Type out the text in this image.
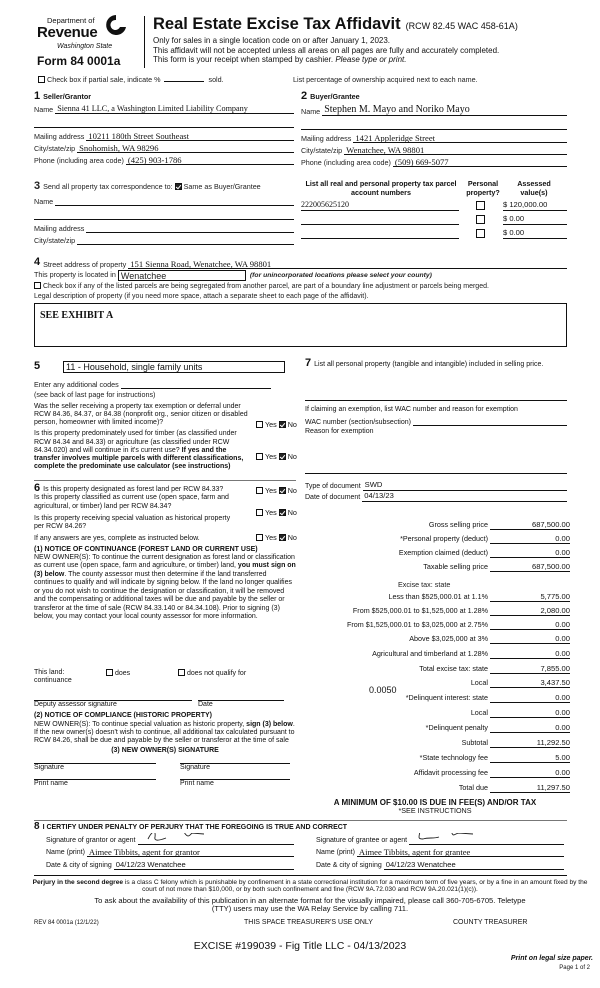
Department of
Revenue
Washington State
Form 84 0001a
Real Estate Excise Tax Affidavit (RCW 82.45 WAC 458-61A)
Only for sales in a single location code on or after January 1, 2023.
This affidavit will not be accepted unless all areas on all pages are fully and accurately completed.
This form is your receipt when stamped by cashier. Please type or print.
Check box if partial sale, indicate %	sold.	List percentage of ownership acquired next to each name.
1 Seller/Grantor
Name Sienna 41 LLC, a Washington Limited Liability Company
Mailing address 10211 180th Street Southeast
City/state/zip Snohomish, WA 98296
Phone (including area code) (425) 903-1786
3 Send all property tax correspondence to: Same as Buyer/Grantee
Name
Mailing address
City/state/zip
2 Buyer/Grantee
Name Stephen M. Mayo and Noriko Mayo
Mailing address 1421 Appleridge Street
City/state/zip Wenatchee, WA 98801
Phone (including area code) (509) 669-5077
List all real and personal property tax parcel account numbers
Personal property?
Assessed value(s)
222005625120	$ 120,000.00
$ 0.00
$ 0.00
4 Street address of property 151 Sienna Road, Wenatchee, WA 98801
This property is located in Wenatchee	(for unincorporated locations please select your county)
Check box if any of the listed parcels are being segregated from another parcel, are part of a boundary line adjustment or parcels being merged.
Legal description of property (if you need more space, attach a separate sheet to each page of the affidavit).
SEE EXHIBIT A
5	11 - Household, single family units
Enter any additional codes
(see back of last page for instructions)
Was the seller receiving a property tax exemption or deferral under RCW 84.36, 84.37, or 84.38 (nonprofit org., senior citizen or disabled person, homeowner with limited income)?
Is this property predominately used for timber (as classified under RCW 84.34 and 84.33) or agriculture (as classified under RCW 84.34.020) and will continue in it's current use? If yes and the transfer involves multiple parcels with different classifications, complete the predominate use calculator (see instructions)
Yes No
Yes No
6 Is this property designated as forest land per RCW 84.33?
Is this property classified as current use (open space, farm and agricultural, or timber) land per RCW 84.34?
Is this property receiving special valuation as historical property per RCW 84.26?
If any answers are yes, complete as instructed below.
(1) NOTICE OF CONTINUANCE (FOREST LAND OR CURRENT USE)
NEW OWNER(S): To continue the current designation as forest land or classification as current use (open space, farm and agriculture, or timber) land, you must sign on (3) below. The county assessor must then determine if the land transferred continues to qualify and will indicate by signing below. If the land no longer qualifies or you do not wish to continue the designation or classification, it will be removed and the compensating or additional taxes will be due and payable by the seller or transferor at the time of sale (RCW 84.33.140 or 84.34.108). Prior to signing (3) below, you may contact your local county assessor for more information.
Yes No
Yes No
Yes No
This land:
continuance
does	does not qualify for
Deputy assessor signature	Date
(2) NOTICE OF COMPLIANCE (HISTORIC PROPERTY)
NEW OWNER(S): To continue special valuation as historic property, sign (3) below. If the new owner(s) doesn't wish to continue, all additional tax calculated pursuant to RCW 84.26, shall be due and payable by the seller or transferor at the time of sale
(3) NEW OWNER(S) SIGNATURE
Signature	Signature
Print name	Print name
7 List all personal property (tangible and intangible) included in selling price.
If claiming an exemption, list WAC number and reason for exemption
WAC number (section/subsection)
Reason for exemption
Type of document SWD
Date of document 04/13/23
Gross selling price	687,500.00
*Personal property (deduct)	0.00
Exemption claimed (deduct)	0.00
Taxable selling price	687,500.00
Excise tax: state
Less than $525,000.01 at 1.1%	5,775.00
From $525,000.01 to $1,525,000 at 1.28%	2,080.00
From $1,525,000.01 to $3,025,000 at 2.75%	0.00
Above $3,025,000 at 3%	0.00
Agricultural and timberland at 1.28%	0.00
Total excise tax: state	7,855.00
0.0050
Local	3,437.50
*Delinquent interest: state	0.00
Local	0.00
*Delinquent penalty	0.00
Subtotal	11,292.50
*State technology fee	5.00
Affidavit processing fee	0.00
Total due	11,297.50
A MINIMUM OF $10.00 IS DUE IN FEE(S) AND/OR TAX
*SEE INSTRUCTIONS
8 I CERTIFY UNDER PENALTY OF PERJURY THAT THE FOREGOING IS TRUE AND CORRECT
Signature of grantor or agent
Name (print) Aimee Tibbits, agent for grantor
Date & city of signing 04/12/23 Wenatchee
Signature of grantee or agent
Name (print) Aimee Tibbits, agent for grantee
Date & city of signing 04/12/23 Wenatchee
Perjury in the second degree is a class C felony which is punishable by confinement in a state correctional institution for a maximum term of five years, or by a fine in an amount fixed by the court of not more than $10,000, or by both such confinement and fine (RCW 9A.72.030 and RCW 9A.20.021(1)(c)).
To ask about the availability of this publication in an alternate format for the visually impaired, please call 360-705-6705. Teletype (TTY) users may use the WA Relay Service by calling 711.
REV 84 0001a (12/1/22)	THIS SPACE TREASURER'S USE ONLY	COUNTY TREASURER
EXCISE #199039 - Fig Title LLC - 04/13/2023
Print on legal size paper.
Page 1 of 2
